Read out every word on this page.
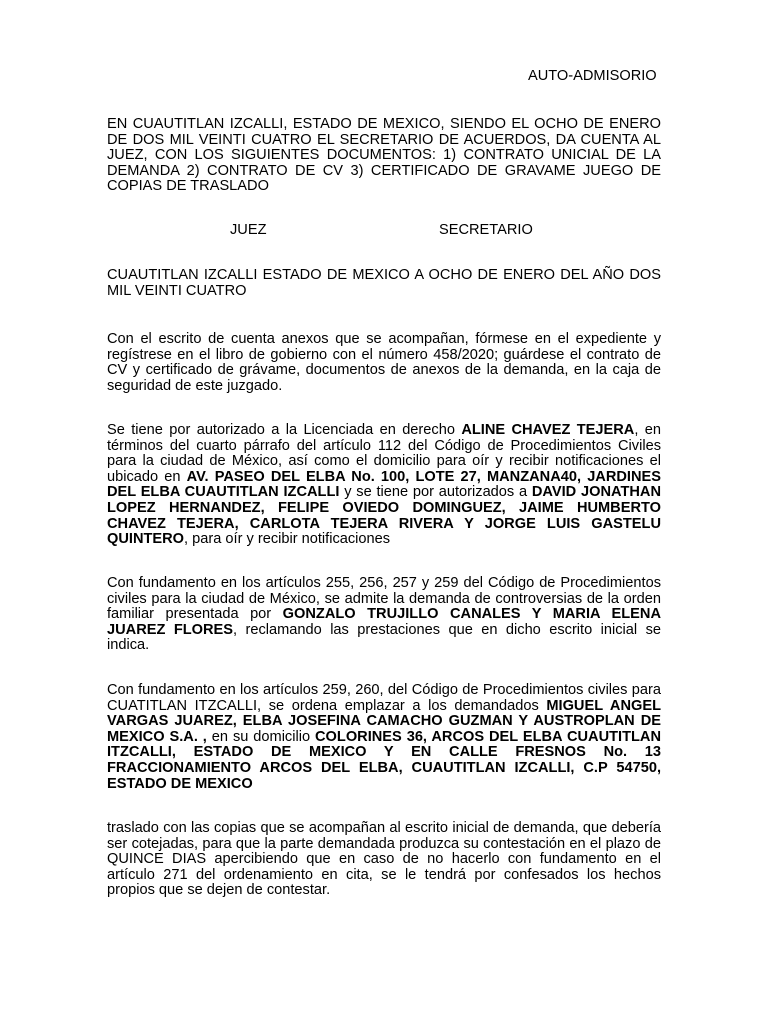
AUTO-ADMISORIO

EN CUAUTITLAN IZCALLI, ESTADO DE MEXICO, SIENDO EL OCHO DE ENERO DE DOS MIL VEINTI CUATRO EL SECRETARIO DE ACUERDOS, DA CUENTA AL JUEZ, CON LOS SIGUIENTES DOCUMENTOS: 1) CONTRATO UNICIAL DE LA DEMANDA 2) CONTRATO DE CV 3) CERTIFICADO DE GRAVAME JUEGO DE COPIAS DE TRASLADO

JUEZ	SECRETARIO

CUAUTITLAN IZCALLI ESTADO DE MEXICO A OCHO DE ENERO DEL AÑO DOS MIL VEINTI CUATRO

Con el escrito de cuenta anexos que se acompañan, fórmese en el expediente y regístrese en el libro de gobierno con el número 458/2020; guárdese el contrato de CV y certificado de grávame, documentos de anexos de la demanda, en la caja de seguridad de este juzgado.

Se tiene por autorizado a la Licenciada en derecho ALINE CHAVEZ TEJERA, en términos del cuarto párrafo del artículo 112 del Código de Procedimientos Civiles para la ciudad de México, así como el domicilio para oír y recibir notificaciones el ubicado en AV. PASEO DEL ELBA No. 100, LOTE 27, MANZANA40, JARDINES DEL ELBA CUAUTITLAN IZCALLI y se tiene por autorizados a DAVID JONATHAN LOPEZ HERNANDEZ, FELIPE OVIEDO DOMINGUEZ, JAIME HUMBERTO CHAVEZ TEJERA, CARLOTA TEJERA RIVERA Y JORGE LUIS GASTELU QUINTERO, para oír y recibir notificaciones

Con fundamento en los artículos 255, 256, 257 y 259 del Código de Procedimientos civiles para la ciudad de México, se admite la demanda de controversias de la orden familiar presentada por GONZALO TRUJILLO CANALES Y MARIA ELENA JUAREZ FLORES, reclamando las prestaciones que en dicho escrito inicial se indica.

Con fundamento en los artículos 259, 260, del Código de Procedimientos civiles para CUATITLAN ITZCALLI, se ordena emplazar a los demandados MIGUEL ANGEL VARGAS JUAREZ, ELBA JOSEFINA CAMACHO GUZMAN Y AUSTROPLAN DE MEXICO S.A. , en su domicilio COLORINES 36, ARCOS DEL ELBA CUAUTITLAN ITZCALLI, ESTADO DE MEXICO Y EN CALLE FRESNOS No. 13 FRACCIONAMIENTO ARCOS DEL ELBA, CUAUTITLAN IZCALLI, C.P 54750, ESTADO DE MEXICO

traslado con las copias que se acompañan al escrito inicial de demanda, que debería ser cotejadas, para que la parte demandada produzca su contestación en el plazo de QUINCE DIAS apercibiendo que en caso de no hacerlo con fundamento en el artículo 271 del ordenamiento en cita, se le tendrá por confesados los hechos propios que se dejen de contestar.
